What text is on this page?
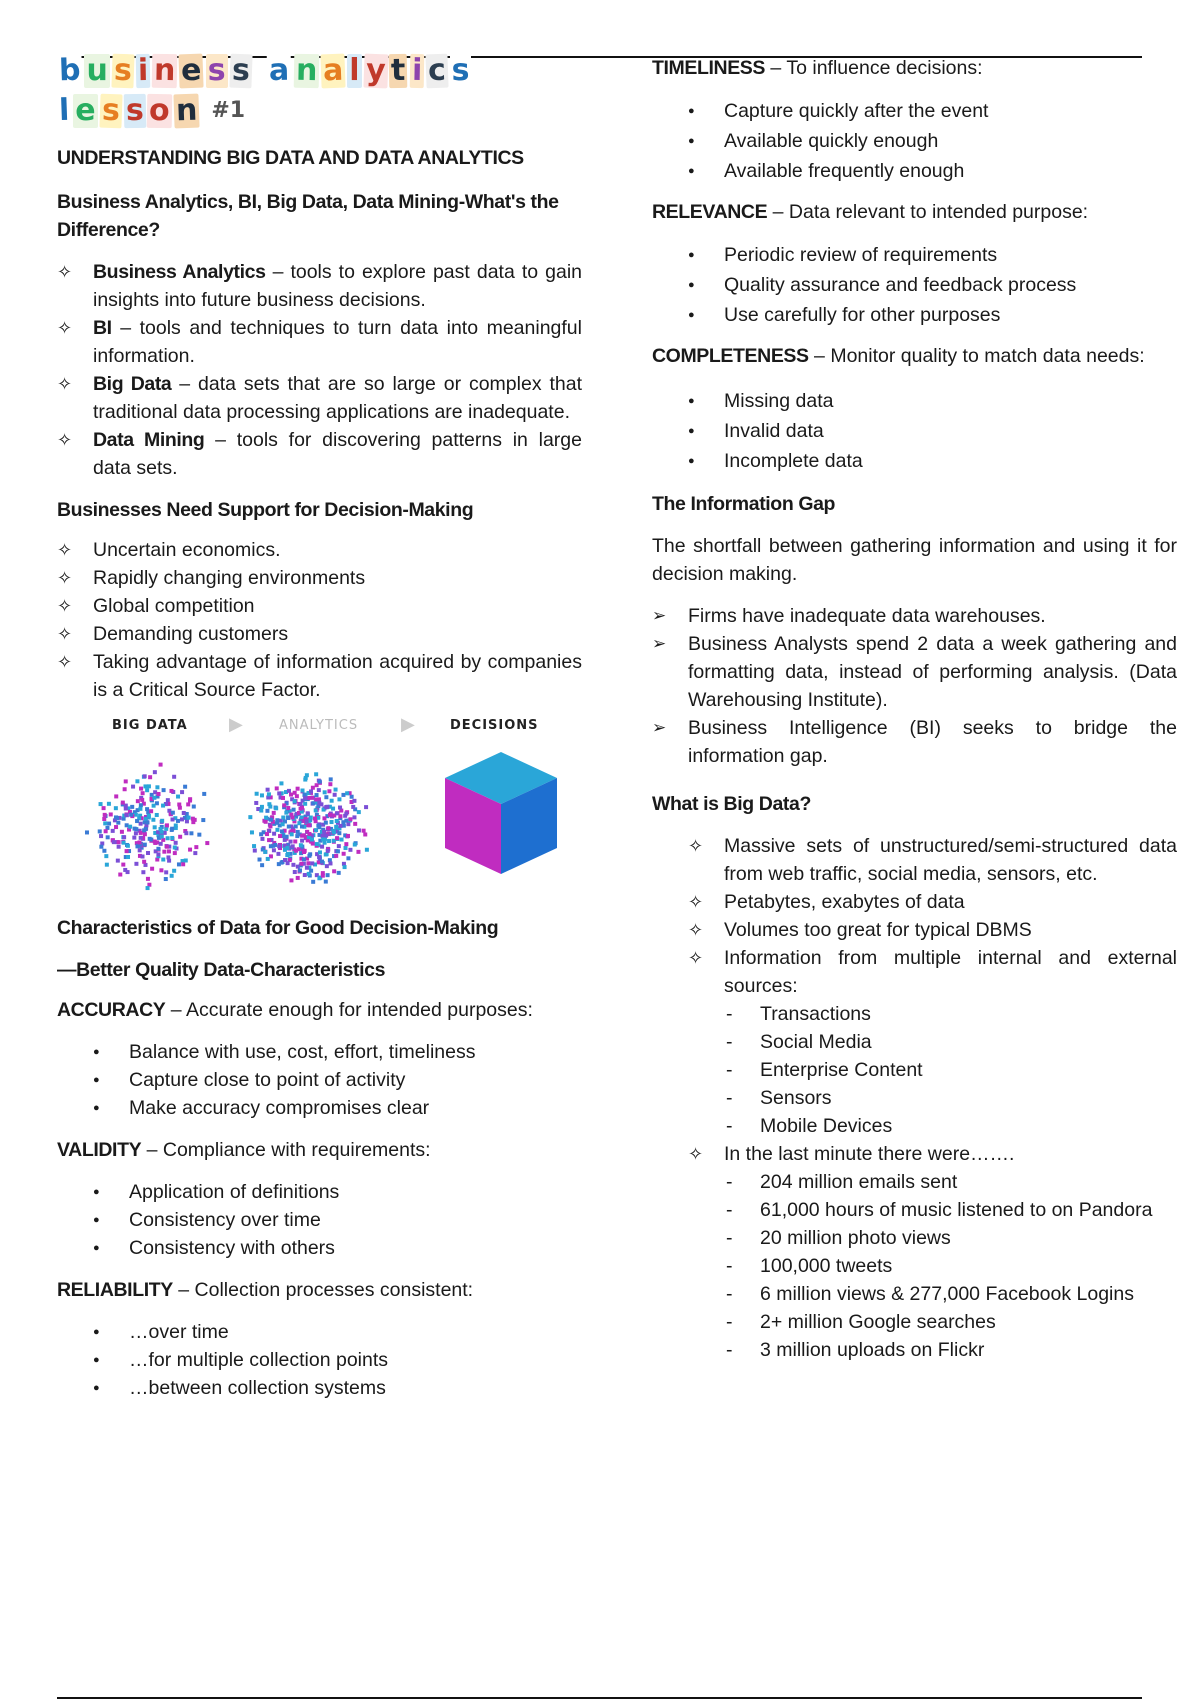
b u s i n e s s a n a l y t i c s
l e s s o n #1

UNDERSTANDING BIG DATA AND DATA ANALYTICS

Business Analytics, BI, Big Data, Data Mining-What's the Difference?

✧ Business Analytics – tools to explore past data to gain insights into future business decisions.
✧ BI – tools and techniques to turn data into meaningful information.
✧ Big Data – data sets that are so large or complex that traditional data processing applications are inadequate.
✧ Data Mining – tools for discovering patterns in large data sets.

Businesses Need Support for Decision-Making

✧ Uncertain economics.
✧ Rapidly changing environments
✧ Global competition
✧ Demanding customers
✧ Taking advantage of information acquired by companies is a Critical Source Factor.
BIG DATA ▶	ANALYTICS ▶	DECISIONS

Characteristics of Data for Good Decision-Making

—Better Quality Data-Characteristics

ACCURACY – Accurate enough for intended purposes:

● Balance with use, cost, effort, timeliness
● Capture close to point of activity
● Make accuracy compromises clear

VALIDITY – Compliance with requirements:

● Application of definitions
● Consistency over time
● Consistency with others

RELIABILITY – Collection processes consistent:

● …over time
● …for multiple collection points
● …between collection systems

TIMELINESS – To influence decisions:

● Capture quickly after the event
● Available quickly enough
● Available frequently enough

RELEVANCE – Data relevant to intended purpose:

● Periodic review of requirements
● Quality assurance and feedback process
● Use carefully for other purposes

COMPLETENESS – Monitor quality to match data needs:

● Missing data
● Invalid data
● Incomplete data

The Information Gap

The shortfall between gathering information and using it for decision making.

➢ Firms have inadequate data warehouses.
➢ Business Analysts spend 2 data a week gathering and formatting data, instead of performing analysis. (Data Warehousing Institute).
➢ Business Intelligence (BI) seeks to bridge the information gap.

What is Big Data?

✧ Massive sets of unstructured/semi-structured data from web traffic, social media, sensors, etc.
✧ Petabytes, exabytes of data
✧ Volumes too great for typical DBMS
✧ Information from multiple internal and external sources:
- Transactions
- Social Media
- Enterprise Content
- Sensors
- Mobile Devices
✧ In the last minute there were…….
- 204 million emails sent
- 61,000 hours of music listened to on Pandora
- 20 million photo views
- 100,000 tweets
- 6 million views & 277,000 Facebook Logins
- 2+ million Google searches
- 3 million uploads on Flickr
